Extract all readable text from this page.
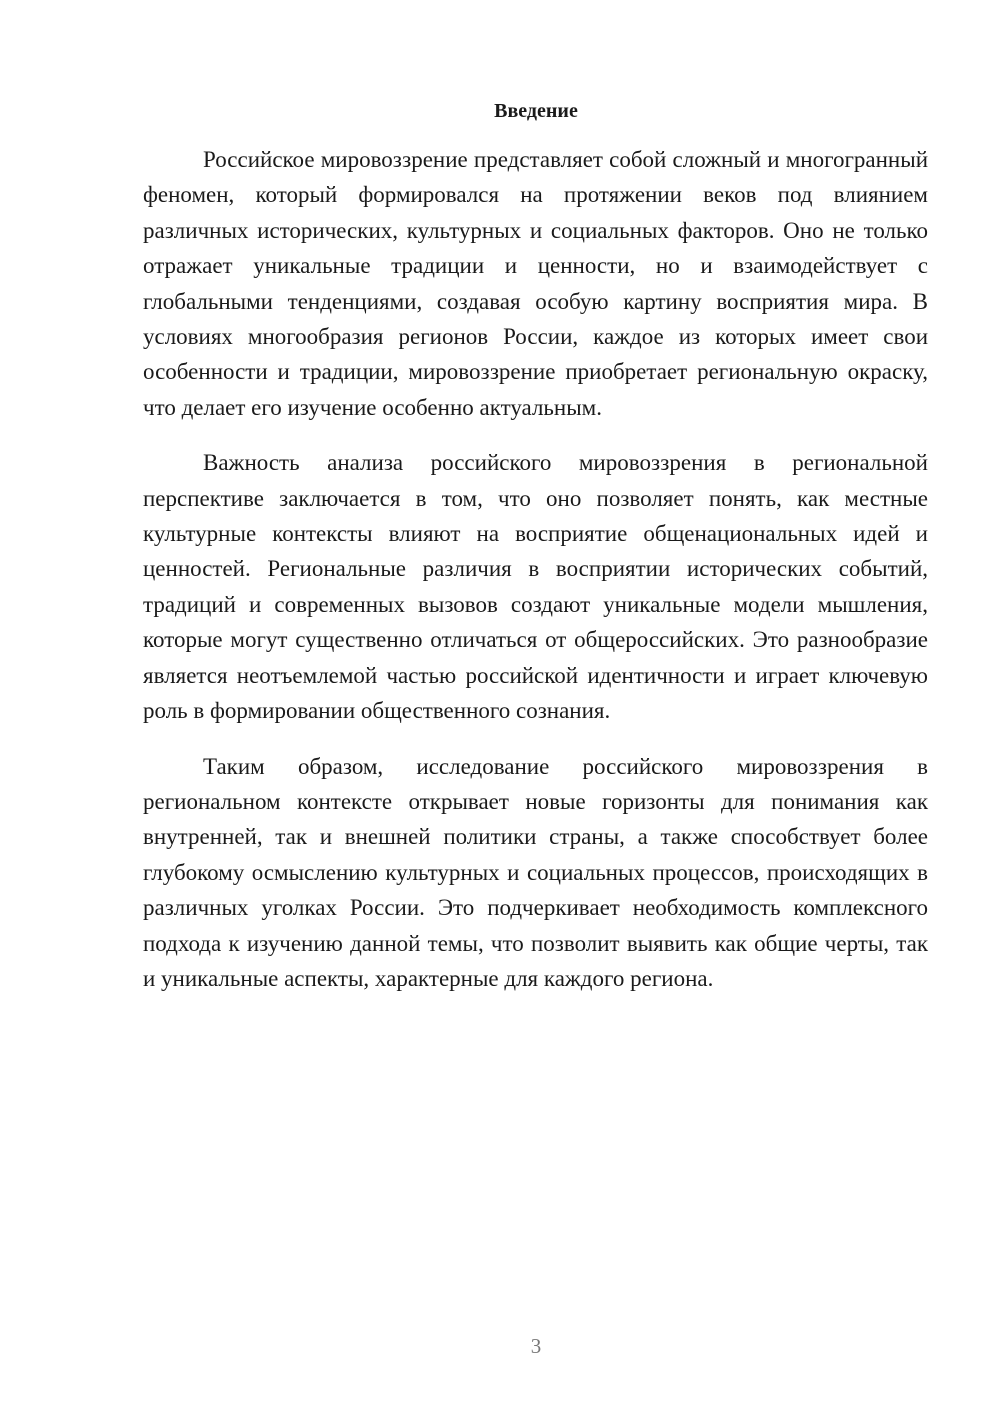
Введение

Российское мировоззрение представляет собой сложный и многогранный феномен, который формировался на протяжении веков под влиянием различных исторических, культурных и социальных факторов. Оно не только отражает уникальные традиции и ценности, но и взаимодействует с глобальными тенденциями, создавая особую картину восприятия мира. В условиях многообразия регионов России, каждое из которых имеет свои особенности и традиции, мировоззрение приобретает региональную окраску, что делает его изучение особенно актуальным.

Важность анализа российского мировоззрения в региональной перспективе заключается в том, что оно позволяет понять, как местные культурные контексты влияют на восприятие общенациональных идей и ценностей. Региональные различия в восприятии исторических событий, традиций и современных вызовов создают уникальные модели мышления, которые могут существенно отличаться от общероссийских. Это разнообразие является неотъемлемой частью российской идентичности и играет ключевую роль в формировании общественного сознания.

Таким образом, исследование российского мировоззрения в региональном контексте открывает новые горизонты для понимания как внутренней, так и внешней политики страны, а также способствует более глубокому осмыслению культурных и социальных процессов, происходящих в различных уголках России. Это подчеркивает необходимость комплексного подхода к изучению данной темы, что позволит выявить как общие черты, так и уникальные аспекты, характерные для каждого региона.

3
